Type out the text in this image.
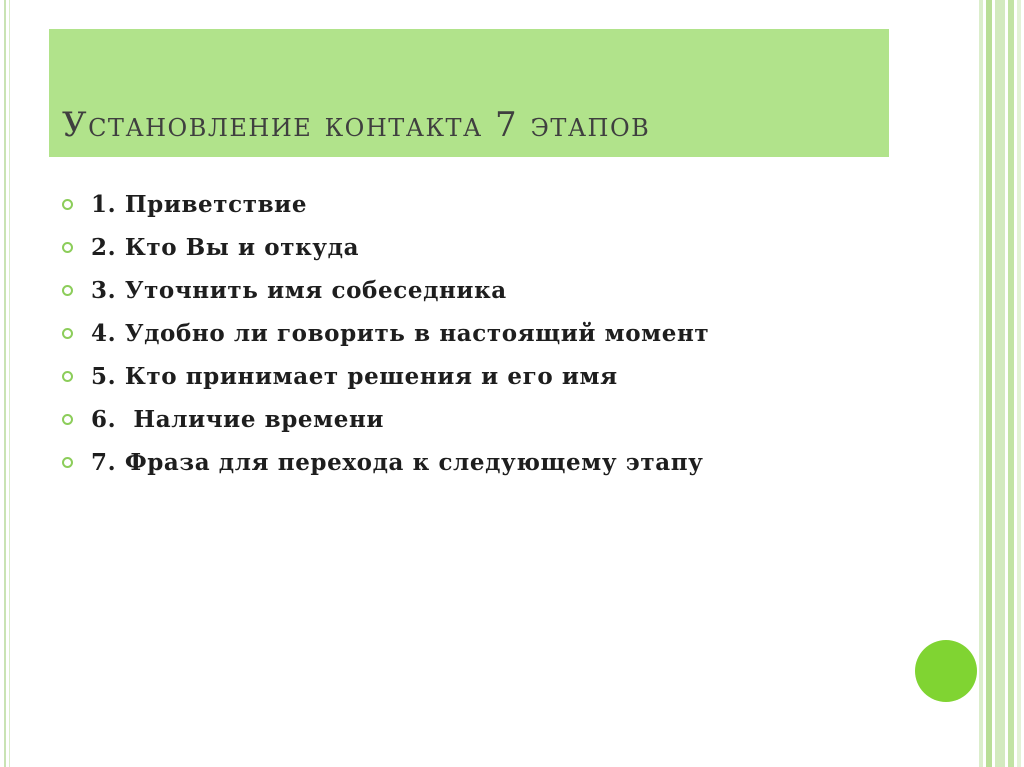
Установление контакта 7 этапов
1. Приветствие
2. Кто Вы и откуда
3. Уточнить имя собеседника
4. Удобно ли говорить в настоящий момент
5. Кто принимает решения и его имя
6.  Наличие времени
7. Фраза для перехода к следующему этапу
